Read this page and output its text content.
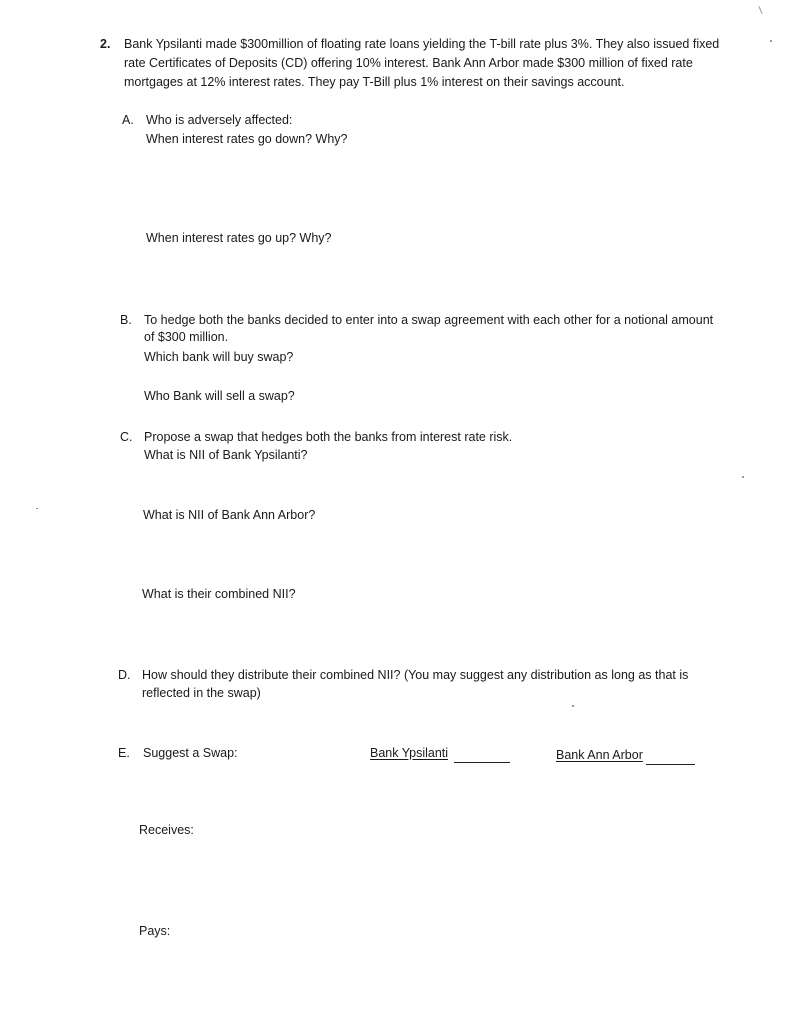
2. Bank Ypsilanti made $300million of floating rate loans yielding the T-bill rate plus 3%. They also issued fixed
rate Certificates of Deposits (CD) offering 10% interest. Bank Ann Arbor made $300 million of fixed rate
mortgages at 12% interest rates. They pay T-Bill plus 1% interest on their savings account.
A. Who is adversely affected:
When interest rates go down? Why?
When interest rates go up? Why?
B. To hedge both the banks decided to enter into a swap agreement with each other for a notional amount
of $300 million.
Which bank will buy swap?
Who Bank will sell a swap?
C. Propose a swap that hedges both the banks from interest rate risk.
What is NII of Bank Ypsilanti?
What is NII of Bank Ann Arbor?
What is their combined NII?
D. How should they distribute their combined NII? (You may suggest any distribution as long as that is
reflected in the swap)
E. Suggest a Swap:	Bank Ypsilanti	Bank Ann Arbor
Receives:
Pays:
